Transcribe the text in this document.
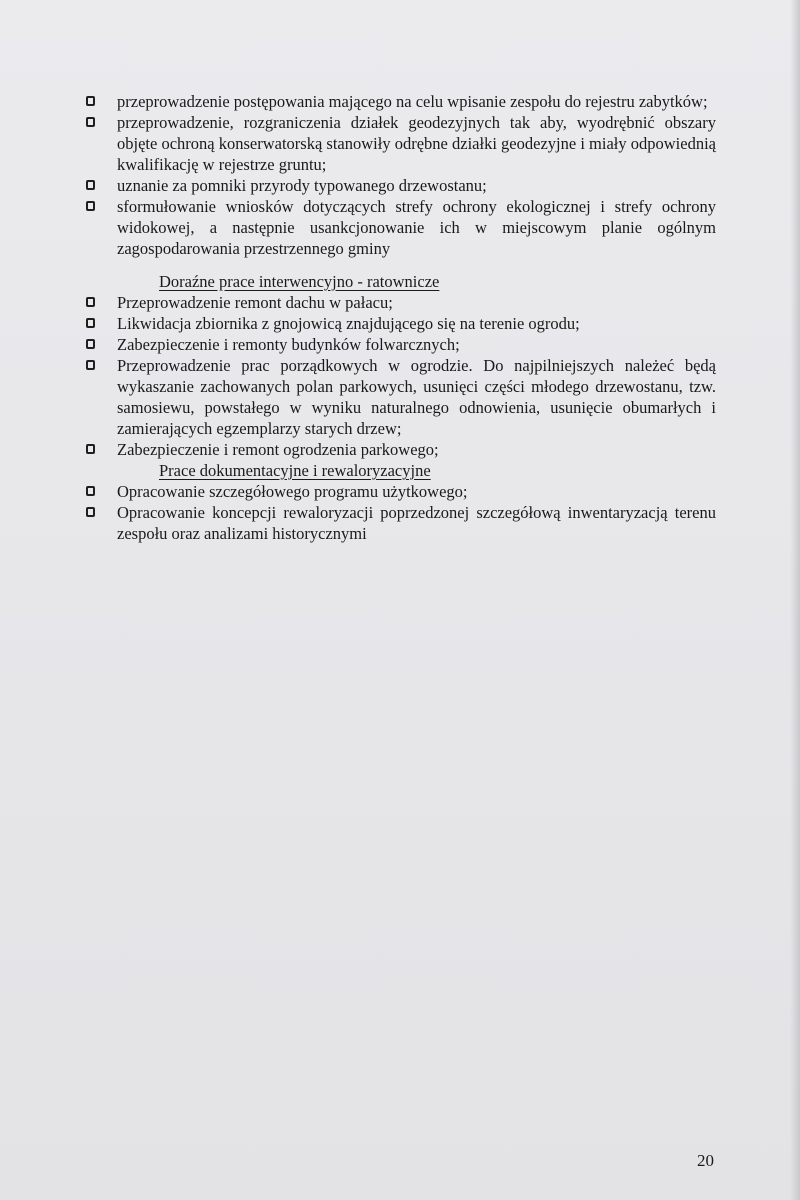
przeprowadzenie postępowania mającego na celu wpisanie zespołu do rejestru zabytków;
przeprowadzenie, rozgraniczenia działek geodezyjnych tak aby, wyodrębnić obszary objęte ochroną konserwatorską stanowiły odrębne działki geodezyjne i miały odpowiednią kwalifikację w rejestrze gruntu;
uznanie za pomniki przyrody typowanego drzewostanu;
sformułowanie wniosków dotyczących strefy ochrony ekologicznej i strefy ochrony widokowej, a następnie usankcjonowanie ich w miejscowym planie ogólnym zagospodarowania przestrzennego gminy
Doraźne prace interwencyjno - ratownicze
Przeprowadzenie remont dachu w pałacu;
Likwidacja zbiornika z gnojowicą znajdującego się na terenie ogrodu;
Zabezpieczenie i remonty budynków folwarcznych;
Przeprowadzenie prac porządkowych w ogrodzie. Do najpilniejszych należeć będą wykaszanie zachowanych polan parkowych, usunięci części młodego drzewostanu, tzw. samosiewu, powstałego w wyniku naturalnego odnowienia, usunięcie obumarłych i zamierających egzemplarzy starych drzew;
Zabezpieczenie i remont ogrodzenia parkowego;
Prace dokumentacyjne i rewaloryzacyjne
Opracowanie szczegółowego programu użytkowego;
Opracowanie koncepcji rewaloryzacji poprzedzonej szczegółową inwentaryzacją terenu zespołu oraz analizami historycznymi
20
